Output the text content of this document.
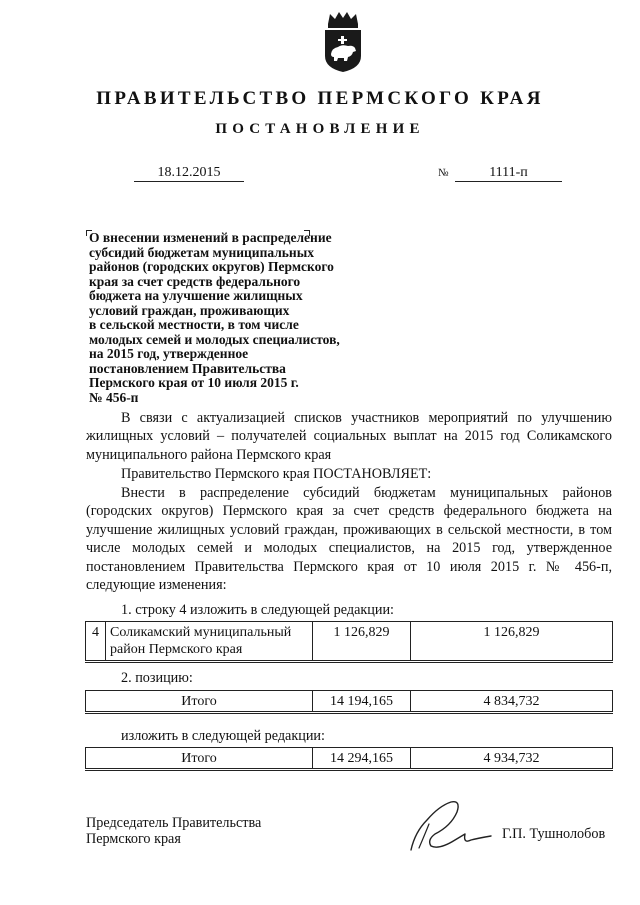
ПРАВИТЕЛЬСТВО ПЕРМСКОГО КРАЯ
ПОСТАНОВЛЕНИЕ
18.12.2015	№	1111-п
О внесении изменений в распределение
субсидий бюджетам муниципальных
районов (городских округов) Пермского
края за счет средств федерального
бюджета на улучшение жилищных
условий граждан, проживающих
в сельской местности, в том числе
молодых семей и молодых специалистов,
на 2015 год, утвержденное
постановлением Правительства
Пермского края от 10 июля 2015 г.
№ 456-п

В связи с актуализацией списков участников мероприятий по улучшению жилищных условий – получателей социальных выплат на 2015 год Соликамского муниципального района Пермского края

Правительство Пермского края ПОСТАНОВЛЯЕТ:

Внести в распределение субсидий бюджетам муниципальных районов (городских округов) Пермского края за счет средств федерального бюджета на улучшение жилищных условий граждан, проживающих в сельской местности, в том числе молодых семей и молодых специалистов, на 2015 год, утвержденное постановлением Правительства Пермского края от 10 июля 2015 г. № 456-п, следующие изменения:

1. строку 4 изложить в следующей редакции:

4	Соликамский муниципальный район Пермского края	1 126,829	1 126,829

2. позицию:

Итого	14 194,165	4 834,732

изложить в следующей редакции:

Итого	14 294,165	4 934,732
Председатель Правительства
Пермского края	Г.П. Тушнолобов
